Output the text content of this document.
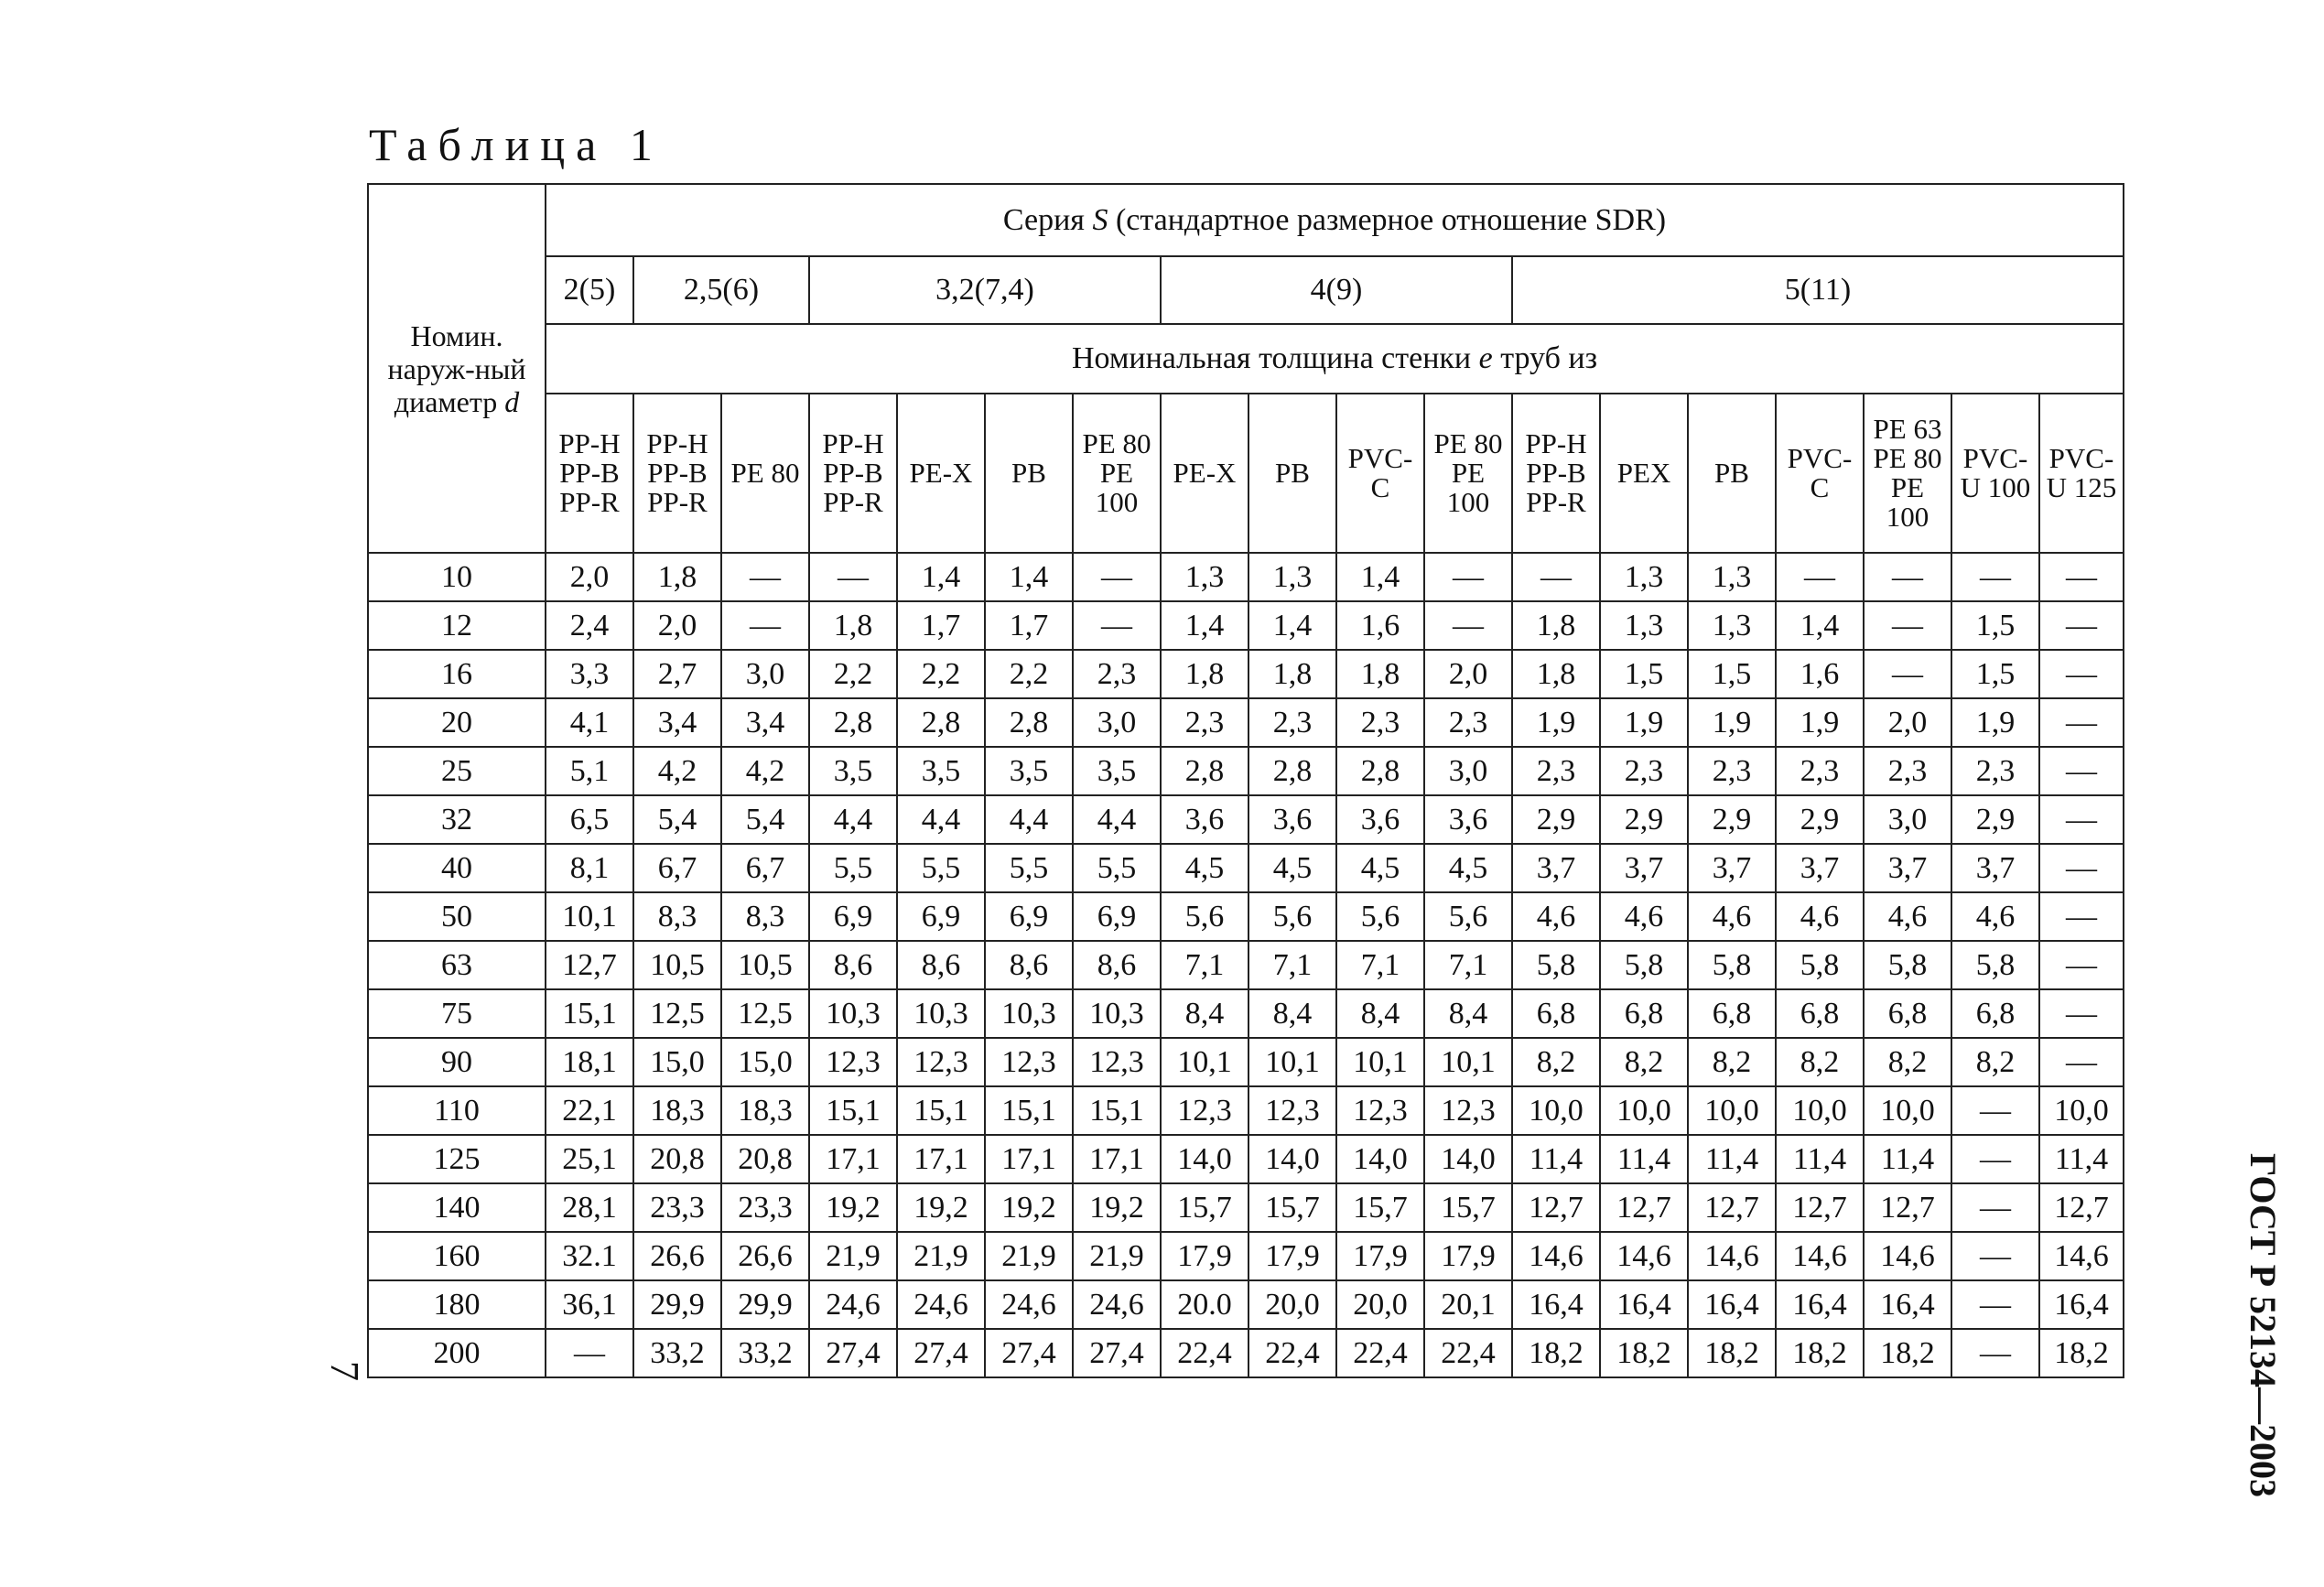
Таблица 1
Номин. наруж-ный диаметр d	Серия S (стандартное размерное отношение SDR)																	
	2(5)	2,5(6)		3,2(7,4)				4(9)				5(11)						
	Номинальная толщина стенки e труб из																	
	PP-H
PP-B
PP-R	PP-H
PP-B
PP-R	PE 80	PP-H
PP-B
PP-R	PE-X	PB	PE 80
PE
100	PE-X	PB	PVC-
C	PE 80
PE
100	PP-H
PP-B
PP-R	PEX	PB	PVC-
C	PE 63
PE 80
PE
100	PVC-
U 100	PVC-
U 125
10	2,0	1,8	—	—	1,4	1,4	—	1,3	1,3	1,4	—	—	1,3	1,3	—	—	—	—
12	2,4	2,0	—	1,8	1,7	1,7	—	1,4	1,4	1,6	—	1,8	1,3	1,3	1,4	—	1,5	—
16	3,3	2,7	3,0	2,2	2,2	2,2	2,3	1,8	1,8	1,8	2,0	1,8	1,5	1,5	1,6	—	1,5	—
20	4,1	3,4	3,4	2,8	2,8	2,8	3,0	2,3	2,3	2,3	2,3	1,9	1,9	1,9	1,9	2,0	1,9	—
25	5,1	4,2	4,2	3,5	3,5	3,5	3,5	2,8	2,8	2,8	3,0	2,3	2,3	2,3	2,3	2,3	2,3	—
32	6,5	5,4	5,4	4,4	4,4	4,4	4,4	3,6	3,6	3,6	3,6	2,9	2,9	2,9	2,9	3,0	2,9	—
40	8,1	6,7	6,7	5,5	5,5	5,5	5,5	4,5	4,5	4,5	4,5	3,7	3,7	3,7	3,7	3,7	3,7	—
50	10,1	8,3	8,3	6,9	6,9	6,9	6,9	5,6	5,6	5,6	5,6	4,6	4,6	4,6	4,6	4,6	4,6	—
63	12,7	10,5	10,5	8,6	8,6	8,6	8,6	7,1	7,1	7,1	7,1	5,8	5,8	5,8	5,8	5,8	5,8	—
75	15,1	12,5	12,5	10,3	10,3	10,3	10,3	8,4	8,4	8,4	8,4	6,8	6,8	6,8	6,8	6,8	6,8	—
90	18,1	15,0	15,0	12,3	12,3	12,3	12,3	10,1	10,1	10,1	10,1	8,2	8,2	8,2	8,2	8,2	8,2	—
110	22,1	18,3	18,3	15,1	15,1	15,1	15,1	12,3	12,3	12,3	12,3	10,0	10,0	10,0	10,0	10,0	—	10,0
125	25,1	20,8	20,8	17,1	17,1	17,1	17,1	14,0	14,0	14,0	14,0	11,4	11,4	11,4	11,4	11,4	—	11,4
140	28,1	23,3	23,3	19,2	19,2	19,2	19,2	15,7	15,7	15,7	15,7	12,7	12,7	12,7	12,7	12,7	—	12,7
160	32.1	26,6	26,6	21,9	21,9	21,9	21,9	17,9	17,9	17,9	17,9	14,6	14,6	14,6	14,6	14,6	—	14,6
180	36,1	29,9	29,9	24,6	24,6	24,6	24,6	20.0	20,0	20,0	20,1	16,4	16,4	16,4	16,4	16,4	—	16,4
200	—	33,2	33,2	27,4	27,4	27,4	27,4	22,4	22,4	22,4	22,4	18,2	18,2	18,2	18,2	18,2	—	18,2
7	ГОСТ Р 52134—2003
